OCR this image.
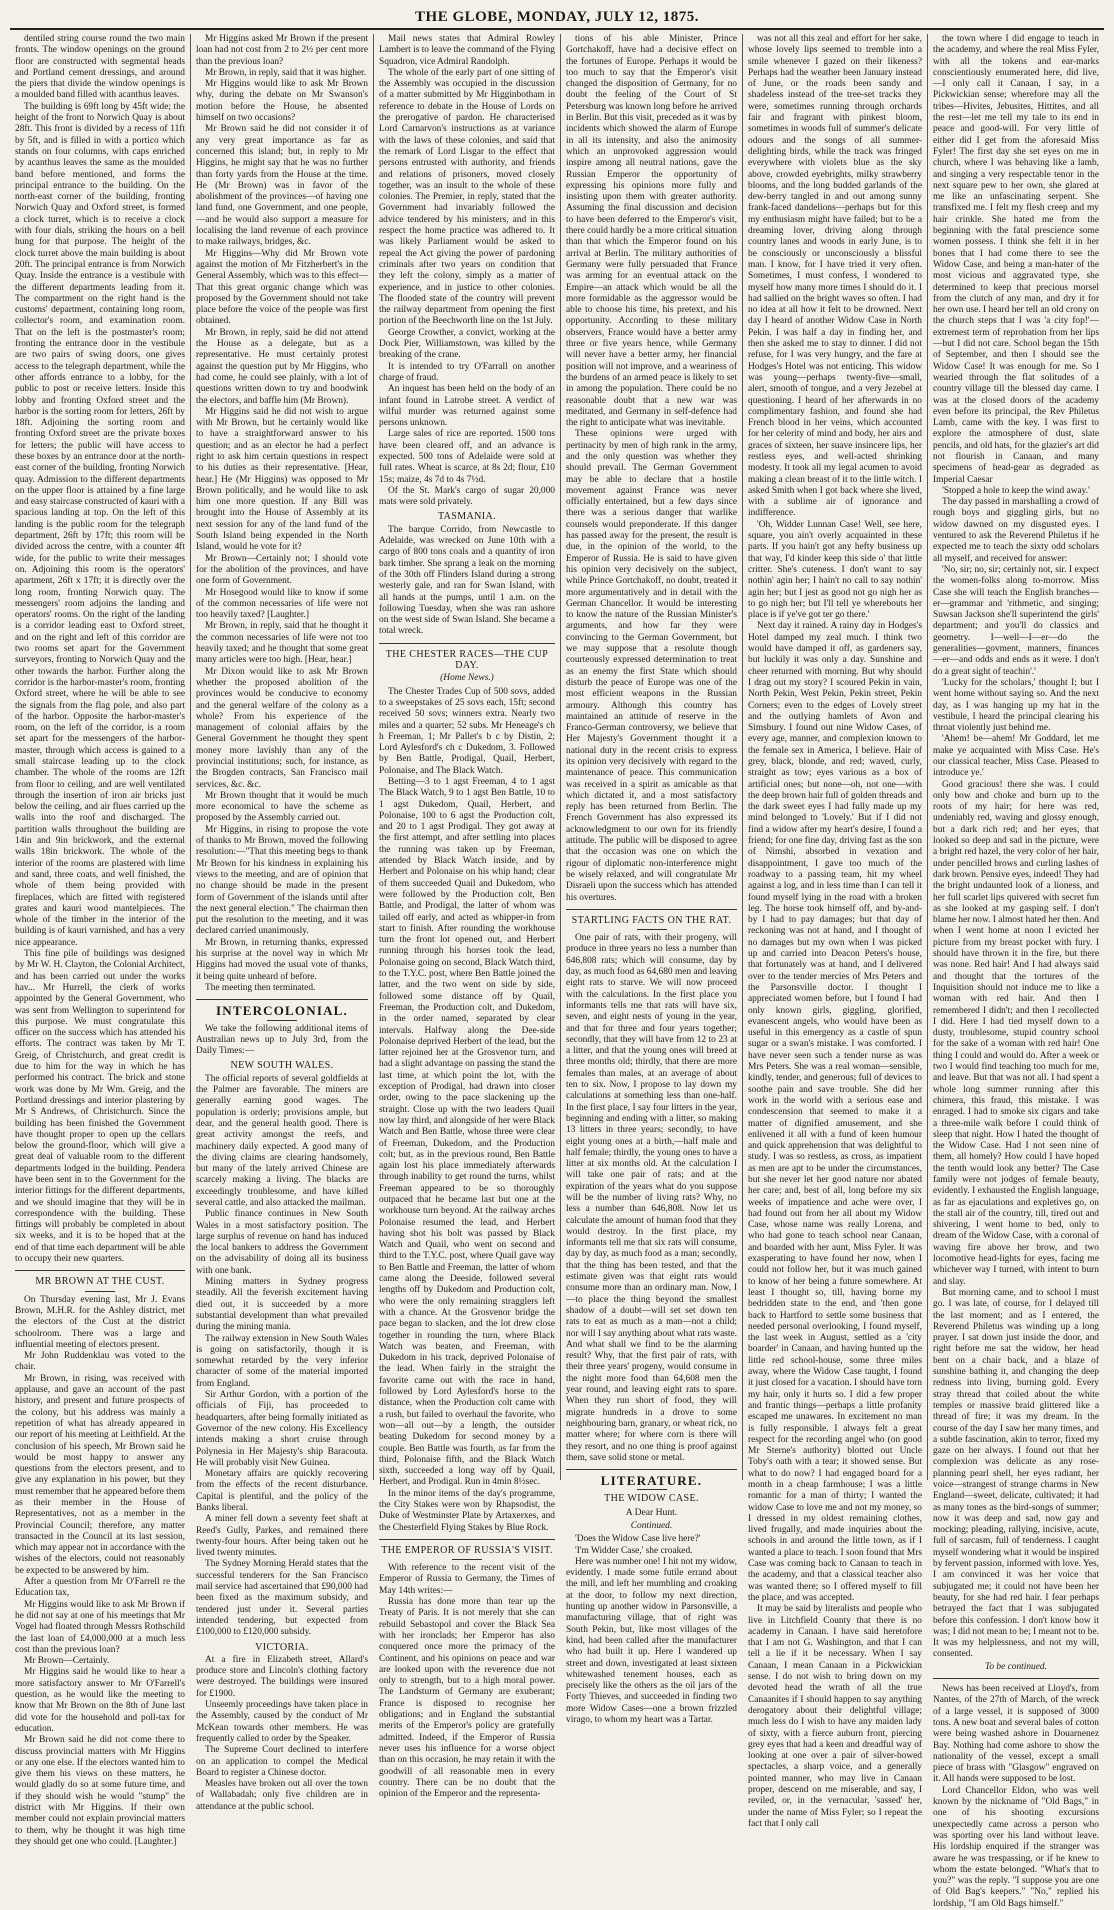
THE GLOBE, MONDAY, JULY 12, 1875.

dentiled string course round the two main fronts. The window openings on the ground floor are constructed with segmental heads and Portland cement dressings, and around the piers that divide the window openings is a moulded band filled with acanthus leaves.

The building is 69ft long by 45ft wide; the height of the front to Norwich Quay is about 28ft. This front is divided by a recess of 11ft by 5ft, and is filled in with a portico which stands on four columns, with caps enriched by acanthus leaves the same as the moulded band before mentioned, and forms the principal entrance to the building. On the north-east corner of the building, fronting Norwich Quay and Oxford street, is formed a clock turret, which is to receive a clock with four dials, striking the hours on a bell hung for that purpose. The height of the clock turret above the main building is about 20ft. The principal entrance is from Norwich Quay. Inside the entrance is a vestibule with the different departments leading from it. The compartment on the right hand is the customs' department, containing long room, collector's room, and examination room. That on the left is the postmaster's room; fronting the entrance door in the vestibule are two pairs of swing doors, one gives access to the telegraph department, while the other affords entrance to a lobby, for the public to post or receive letters. Inside this lobby and fronting Oxford street and the harbor is the sorting room for letters, 26ft by 18ft. Adjoining the sorting room and fronting Oxford street are the private boxes for letters; the public will have access to these boxes by an entrance door at the north-east corner of the building, fronting Norwich quay. Admission to the different departments on the upper floor is attained by a fine large and easy staircase constructed of kauri with a spacious landing at top. On the left of this landing is the public room for the telegraph department, 26ft by 17ft; this room will be divided across the centre, with a counter 4ft wide, for the public to write their messages on. Adjoining this room is the operators' apartment, 26ft x 17ft; it is directly over the long room, fronting Norwich quay. The messengers' room adjoins the landing and operators' rooms. On the right of the landing is a corridor leading east to Oxford street, and on the right and left of this corridor are two rooms set apart for the Government surveyors, fronting to Norwich Quay and the other towards the harbor. Further along the corridor is the harbor-master's room, fronting Oxford street, where he will be able to see the signals from the flag pole, and also part of the harbor. Opposite the harbor-master's room, on the left of the corridor, is a room set apart for the messengers of the harbor-master, through which access is gained to a small staircase leading up to the clock chamber. The whole of the rooms are 12ft from floor to ceiling, and are well ventilated through the insertion of iron air bricks just below the ceiling, and air flues carried up the walls into the roof and discharged. The partition walls throughout the building are 14in and 9in brickwork, and the external walls 18in brickwork. The whole of the interior of the rooms are plastered with lime and sand, three coats, and well finished, the whole of them being provided with fireplaces, which are fitted with registered grates and kauri wood mantelpieces. The whole of the timber in the interior of the building is of kauri varnished, and has a very nice appearance.

This fine pile of buildings was designed by Mr W. H. Clayton, the Colonial Architect, and has been carried out under the works hav... Mr Hurrell, the clerk of works appointed by the General Government, who was sent from Wellington to superintend for this purpose. We must congratulate this officer on the success which has attended his efforts. The contract was taken by Mr T. Greig, of Christchurch, and great credit is due to him for the way in which he has performed his contract. The brick and stone work was done by Mr Wm. Greig, and the Portland dressings and interior plastering by Mr S Andrews, of Christchurch. Since the building has been finished the Government have thought proper to open up the cellars below the ground-floor, which will give a great deal of valuable room to the different departments lodged in the building. Pendera have been sent in to the Government for the interior fittings for the different departments, and we should imagine that they will be in correspondence with the building. These fittings will probably be completed in about six weeks, and it is to be hoped that at the end of that time each department will be able to occupy their new quarters.

MR BROWN AT THE CUST.

On Thursday evening last, Mr J. Evans Brown, M.H.R. for the Ashley district, met the electors of the Cust at the district schoolroom. There was a large and influential meeting of electors present.

Mr John Ruddenklau was voted to the chair.

Mr Brown, in rising, was received with applause, and gave an account of the past history, and present and future prospects of the colony, but his address was mainly a repetition of what has already appeared in our report of his meeting at Leithfield. At the conclusion of his speech, Mr Brown said he would be most happy to answer any questions from the electors present, and to give any explanation in his power, but they must remember that he appeared before them as their member in the House of Representatives, not as a member in the Provincial Council; therefore, any matter transacted in the Council at its last session, which may appear not in accordance with the wishes of the electors, could not reasonably be expected to be answered by him.

After a question from Mr O'Farrell re the Education tax,

Mr Higgins would like to ask Mr Brown if he did not say at one of his meetings that Mr Vogel had floated through Messrs Rothschild the last loan of £4,000,000 at a much less cost than the previous loan?

Mr Brown—Certainly.

Mr Higgins said he would like to hear a more satisfactory answer to Mr O'Farrell's question, as he would like the meeting to know that Mr Brown on the 8th of June last did vote for the household and poll-tax for education.

Mr Brown said he did not come there to discuss provincial matters with Mr Higgins or any one else. If the electors wanted him to give them his views on these matters, he would gladly do so at some future time, and if they should wish he would "stump" the district with Mr Higgins. If their own member could not explain provincial matters to them, why he thought it was high time they should get one who could. [Laughter.]

Mr Higgins asked Mr Brown if the present loan had not cost from 2 to 2½ per cent more than the previous loan?

Mr Brown, in reply, said that it was higher.

Mr Higgins would like to ask Mr Brown why, during the debate on Mr Swanson's motion before the House, he absented himself on two occasions?

Mr Brown said he did not consider it of any very great importance as far as concerned this island; but, in reply to Mr Higgins, he might say that he was no further than forty yards from the House at the time. He (Mr Brown) was in favor of the abolishment of the provinces—of having one land fund, one Government, and one people, —and he would also support a measure for localising the land revenue of each province to make railways, bridges, &c.

Mr Higgins—Why did Mr Brown vote against the motion of Mr Fitzherbert's in the General Assembly, which was to this effect—That this great organic change which was proposed by the Government should not take place before the voice of the people was first obtained.

Mr Brown, in reply, said he did not attend the House as a delegate, but as a representative. He must certainly protest against the question put by Mr Higgins, who had come, he could see plainly, with a lot of questions written down to try and hoodwink the electors, and baffle him (Mr Brown).

Mr Higgins said he did not wish to argue with Mr Brown, but he certainly would like to have a straightforward answer to his question; and as an elector he had a perfect right to ask him certain questions in respect to his duties as their representative. [Hear, hear.] He (Mr Higgins) was opposed to Mr Brown politically, and he would like to ask him one more question. If any Bill was brought into the House of Assembly at its next session for any of the land fund of the South Island being expended in the North Island, would he vote for it?

Mr Brown—Certainly not; I should vote for the abolition of the provinces, and have one form of Government.

Mr Hosegood would like to know if some of the common necessaries of life were not too heavily taxed? [Laughter.]

Mr Brown, in reply, said that he thought it the common necessaries of life were not too heavily taxed; and he thought that some great many articles were too high. [Hear, hear.]

Mr Dixon would like to ask Mr Brown whether the proposed abolition of the provinces would be conducive to economy and the general welfare of the colony as a whole? From his experience of the management of colonial affairs by the General Government he thought they spent money more lavishly than any of the provincial institutions; such, for instance, as the Brogden contracts, San Francisco mail services, &c. &c.

Mr Brown thought that it would be much more economical to have the scheme as proposed by the Assembly carried out.

Mr Higgins, in rising to propose the vote of thanks to Mr Brown, moved the following resolution:—"That this meeting begs to thank Mr Brown for his kindness in explaining his views to the meeting, and are of opinion that no change should be made in the present form of Government of the islands until after the next general election." The chairman then put the resolution to the meeting, and it was declared carried unanimously.

Mr Brown, in returning thanks, expressed his surprise at the novel way in which Mr Higgins had moved the usual vote of thanks, it being quite unheard of before.

The meeting then terminated.

INTERCOLONIAL.

We take the following additional items of Australian news up to July 3rd, from the Daily Times:—

NEW SOUTH WALES.

The official reports of several goldfields at the Palmer are favorable. The miners are generally earning good wages. The population is orderly; provisions ample, but dear, and the general health good. There is great activity amongst the reefs, and machinery daily expected. A good many of the diving claims are clearing handsomely, but many of the lately arrived Chinese are scarcely making a living. The blacks are exceedingly troublesome, and have killed several cattle, and also attacked the mailman.

Public finance continues in New South Wales in a most satisfactory position. The large surplus of revenue on hand has induced the local bankers to address the Government on the advisability of doing all its business with one bank.

Mining matters in Sydney progress steadily. All the feverish excitement having died out, it is succeeded by a more substantial development than what prevailed during the mining mania.

The railway extension in New South Wales is going on satisfactorily, though it is somewhat retarded by the very inferior character of some of the material imported from England.

Sir Arthur Gordon, with a portion of the officials of Fiji, has proceeded to headquarters, after being formally initiated as Governor of the new colony. His Excellency intends making a short cruise through Polynesia in Her Majesty's ship Baracouta. He will probably visit New Guinea.

Monetary affairs are quickly recovering from the effects of the recent disturbance. Capital is plentiful, and the policy of the Banks liberal.

A miner fell down a seventy feet shaft at Reed's Gully, Parkes, and remained there twenty-four hours. After being taken out he lived twenty minutes.

The Sydney Morning Herald states that the successful tenderers for the San Francisco mail service had ascertained that £90,000 had been fixed as the maximum subsidy, and tendered just under it. Several parties intended tendering, but expected from £100,000 to £120,000 subsidy.

VICTORIA.

At a fire in Elizabeth street, Allard's produce store and Lincoln's clothing factory were destroyed. The buildings were insured for £1900.

Unseemly proceedings have taken place in the Assembly, caused by the conduct of Mr McKean towards other members. He was frequently called to order by the Speaker.

The Supreme Court declined to interfere on an application to compel the Medical Board to register a Chinese doctor.

Measles have broken out all over the town of Wallabadah; only five children are in attendance at the public school.

Mail news states that Admiral Rowley Lambert is to leave the command of the Flying Squadron, vice Admiral Randolph.

The whole of the early part of one sitting of the Assembly was occupied in the discussion of a matter submitted by Mr Higginbotham in reference to debate in the House of Lords on the prerogative of pardon. He characterised Lord Carnarvon's instructions as at variance with the laws of these colonies, and said that the remark of Lord Lisgar to the effect that persons entrusted with authority, and friends and relations of prisoners, moved closely together, was an insult to the whole of these colonies. The Premier, in reply, stated that the Government had invariably followed the advice tendered by his ministers, and in this respect the home practice was adhered to. It was likely Parliament would be asked to repeal the Act giving the power of pardoning criminals after two years on condition that they left the colony, simply as a matter of experience, and in justice to other colonies. The flooded state of the country will prevent the railway department from opening the first portion of the Beechworth line on the 1st July.

George Crowther, a convict, working at the Dock Pier, Williamstown, was killed by the breaking of the crane.

It is intended to try O'Farrall on another charge of fraud.

An inquest has been held on the body of an infant found in Latrobe street. A verdict of wilful murder was returned against some persons unknown.

Large sales of rice are reported. 1500 tons have been cleared off, and an advance is expected. 500 tons of Adelaide were sold at full rates. Wheat is scarce, at 8s 2d; flour, £10 15s; maize, 4s 7d to 4s 7½d.

Of the St. Mark's cargo of sugar 20,000 mats were sold privately.

TASMANIA.

The barque Corrido, from Newcastle to Adelaide, was wrecked on June 10th with a cargo of 800 tons coals and a quantity of iron bark timber. She sprang a leak on the morning of the 30th off Flinders Island during a strong westerly gale, and ran for Swan Island, with all hands at the pumps, until 1 a.m. on the following Tuesday, when she was ran ashore on the west side of Swan Island. She became a total wreck.

THE CHESTER RACES—THE CUP DAY.
(Home News.)

The Chester Trades Cup of 500 sovs, added to a sweepstakes of 25 sovs each, 15ft; second received 50 sovs; winners extra. Nearly two miles and a quarter; 52 subs. Mr Heneage's ch h Freeman, 1; Mr Pallet's b c by Distin, 2; Lord Aylesford's ch c Dukedom, 3. Followed by Ben Battle, Prodigal, Quail, Herbert, Polonaise, and The Black Watch.

Betting—3 to 1 agst Freeman, 4 to 1 agst The Black Watch, 9 to 1 agst Ben Battle, 10 to 1 agst Dukedom, Quail, Herbert, and Polonaise, 100 to 6 agst the Production colt, and 20 to 1 agst Prodigal. They got away at the first attempt, and after settling into places the running was taken up by Freeman, attended by Black Watch inside, and by Herbert and Polonaise on his whip hand; clear of them succeeded Quail and Dukedom, who were followed by the Production colt, Ben Battle, and Prodigal, the latter of whom was tailed off early, and acted as whipper-in from start to finish. After rounding the workhouse turn the front lot opened out, and Herbert running through his horses took the lead, Polonaise going on second, Black Watch third, to the T.Y.C. post, where Ben Battle joined the latter, and the two went on side by side, followed some distance off by Quail, Freeman, the Production colt, and Dukedom, in the order named, separated by clear intervals. Halfway along the Dee-side Polonaise deprived Herbert of the lead, but the latter rejoined her at the Grosvenor turn, and had a slight advantage on passing the stand the last time, at which point the lot, with the exception of Prodigal, had drawn into closer order, owing to the pace slackening up the straight. Close up with the two leaders Quail now lay third, and alongside of her were Black Watch and Ben Battle, whose three were clear of Freeman, Dukedom, and the Production colt; but, as in the previous round, Ben Battle again lost his place immediately afterwards through inability to get round the turns, whilst Freeman appeared to be so thoroughly outpaced that he became last but one at the workhouse turn beyond. At the railway arches Polonaise resumed the lead, and Herbert having shot his bolt was passed by Black Watch and Quail, who went on second and third to the T.Y.C. post, where Quail gave way to Ben Battle and Freeman, the latter of whom came along the Deeside, followed several lengths off by Dukedom and Production colt, who were the only remaining stragglers left with a chance. At the Grosvenor bridge the pace began to slacken, and the lot drew close together in rounding the turn, where Black Watch was beaten, and Freeman, with Dukedom in his track, deprived Polonaise of the lead. When fairly in the straight the favorite came out with the race in hand, followed by Lord Aylesford's horse to the distance, when the Production colt came with a rush, but failed to overhaul the favorite, who won—all out—by a length, the outsider beating Dukedom for second money by a couple. Ben Battle was fourth, as far from the third, Polonaise fifth, and the Black Watch sixth, succeeded a long way off by Quail, Herbert, and Prodigal. Run in 4min 8½sec.

In the minor items of the day's programme, the City Stakes were won by Rhapsodist, the Duke of Westminster Plate by Artaxerxes, and the Chesterfield Flying Stakes by Blue Rock.

THE EMPEROR OF RUSSIA'S VISIT.

With reference to the recent visit of the Emperor of Russia to Germany, the Times of May 14th writes:—

Russia has done more than tear up the Treaty of Paris. It is not merely that she can rebuild Sebastopol and cover the Black Sea with her ironclads; her Emperor has also conquered once more the primacy of the Continent, and his opinions on peace and war are looked upon with the reverence due not only to strength, but to a high moral power. The Landsturm of Germany are exuberant; France is disposed to recognise her obligations; and in England the substantial merits of the Emperor's policy are gratefully admitted. Indeed, if the Emperor of Russia never uses his influence for a worse object than on this occasion, he may retain it with the goodwill of all reasonable men in every country. There can be no doubt that the opinion of the Emperor and the representa-

tions of his able Minister, Prince Gortchakoff, have had a decisive effect on the fortunes of Europe. Perhaps it would be too much to say that the Emperor's visit changed the disposition of Germany, for no doubt the feeling of the Court of St Petersburg was known long before he arrived in Berlin. But this visit, preceded as it was by incidents which showed the alarm of Europe in all its intensity, and also the animosity which an unprovoked aggression would inspire among all neutral nations, gave the Russian Emperor the opportunity of expressing his opinions more fully and insisting upon them with greater authority. Assuming the final discussion and decision to have been deferred to the Emperor's visit, there could hardly be a more critical situation than that which the Emperor found on his arrival at Berlin. The military authorities of Germany were fully persuaded that France was arming for an eventual attack on the Empire—an attack which would be all the more formidable as the aggressor would be able to choose his time, his pretext, and his opportunity. According to these military observers, France would have a better army three or five years hence, while Germany will never have a better army, her financial position will not improve, and a weariness of the burdens of an armed peace is likely to set in among the population. There could be no reasonable doubt that a new war was meditated, and Germany in self-defence had the right to anticipate what was inevitable.

These opinions were urged with pertinacity by men of high rank in the army, and the only question was whether they should prevail. The German Government may be able to declare that a hostile movement against France was never officially entertained, but a few days since there was a serious danger that warlike counsels would preponderate. If this danger has passed away for the present, the result is due, in the opinion of the world, to the Emperor of Russia. He is said to have given his opinion very decisively on the subject, while Prince Gortchakoff, no doubt, treated it more argumentatively and in detail with the German Chancellor. It would be interesting to know the nature of the Russian Minister's arguments, and how far they were convincing to the German Government, but we may suppose that a resolute though courteously expressed determination to treat as an enemy the first State which should disturb the peace of Europe was one of the most efficient weapons in the Russian armoury. Although this country has maintained an attitude of reserve in the Franco-German controversy, we believe that Her Majesty's Government thought it a national duty in the recent crisis to express its opinion very decisively with regard to the maintenance of peace. This communication was received in a spirit as amicable as that which dictated it, and a most satisfactory reply has been returned from Berlin. The French Government has also expressed its acknowledgment to our own for its friendly attitude. The public will be disposed to agree that the occasion was one on which the rigour of diplomatic non-interference might be wisely relaxed, and will congratulate Mr Disraeli upon the success which has attended his overtures.

STARTLING FACTS ON THE RAT.

One pair of rats, with their progeny, will produce in three years no less a number than 646,808 rats; which will consume, day by day, as much food as 64,680 men and leaving eight rats to starve. We will now proceed with the calculations. In the first place you informants tells me that rats will have six, seven, and eight nests of young in the year, and that for three and four years together; secondly, that they will have from 12 to 23 at a litter, and that the young ones will breed at three months old; thirdly, that there are more females than males, at an average of about ten to six. Now, I propose to lay down my calculations at something less than one-half. In the first place, I say four litters in the year, beginning and ending with a litter, so making 13 litters in three years; secondly, to have eight young ones at a birth,—half male and half female; thirdly, the young ones to have a litter at six months old. At the calculation I will take one pair of rats; and at the expiration of the years what do you suppose will be the number of living rats? Why, no less a number than 646,808. Now let us calculate the amount of human food that they would destroy. In the first place, my informants tell me that six rats will consume, day by day, as much food as a man; secondly, that the thing has been tested, and that the estimate given was that eight rats would consume more than an ordinary man. Now, I—to place the thing beyond the smallest shadow of a doubt—will set set down ten rats to eat as much as a man—not a child; nor will I say anything about what rats waste. And what shall we find to be the alarming result? Why, that the first pair of rats, with their three years' progeny, would consume in the night more food than 64,608 men the year round, and leaving eight rats to spare. When they run short of food, they will migrate hundreds in a drove to some neighbouring barn, granary, or wheat rick, no matter where; for where corn is there will they resort, and no one thing is proof against them, save solid stone or metal.

LITERATURE.
THE WIDOW CASE.
A Dear Hunt.
Continued.

'Does the Widow Case live here?'

'I'm Widder Case,' she croaked.

Here was number one! I hit not my widow, evidently. I made some futile errand about the mill, and left her mumbling and croaking at the door, to follow my next direction, hunting up another widow in Parsonsville, a manufacturing village, that of right was South Pekin, but, like most villages of the kind, had been called after the manufacturer who had built it up. Here I wandered up street and down, investigated at least sixteen whitewashed tenement houses, each as precisely like the others as the oil jars of the Forty Thieves, and succeeded in finding two more Widow Cases—one a brown frizzled virago, to whom my heart was a Tartar.

was not all this zeal and effort for her sake, whose lovely lips seemed to tremble into a smile whenever I gazed on their likeness? Perhaps had the weather been January instead of June, or the roads been sandy and shadeless instead of the tree-set tracks they were, sometimes running through orchards fair and fragrant with pinkest bloom, sometimes in woods full of summer's delicate odours and the songs of all summer-delighting birds, while the track was fringed everywhere with violets blue as the sky above, crowded eyebrights, milky strawberry blooms, and the long budded garlands of the dew-berry tangled in and out among sunny frank-faced dandelions—perhaps but for this my enthusiasm might have failed; but to be a dreaming lover, driving along through country lanes and woods in early June, is to be consciously or unconsciously a blissful man. I know, for I have tried it very often. Sometimes, I must confess, I wondered to myself how many more times I should do it. I had sallied on the bright waves so often. I had no idea at all how it felt to be drowned. Next day I heard of another Widow Case in North Pekin. I was half a day in finding her, and then she asked me to stay to dinner. I did not refuse, for I was very hungry, and the fare at Hodges's Hotel was not enticing. This widow was young—perhaps twenty-five—small, alert, smooth of tongue, and a very Jezebel at questioning. I heard of her afterwards in no complimentary fashion, and found she had French blood in her veins, which accounted for her celerity of mind and body, her airs and graces of sixteen, her suave insincere lips, her restless eyes, and well-acted shrinking modesty. It took all my legal acumen to avoid making a clean breast of it to the little witch. I asked Smith when I got back where she lived, with a sublime air of ignorance and indifference.

'Oh, Widder Lunnan Case! Well, see here, square, you ain't overly acquainted in these parts. If you hain't got any hefty business up that way, I'd kinder keep this side o' that little critter. She's cuteness. I don't want to say nothin' agin her; I hain't no call to say nothin' agin her; but I jest as good not go nigh her as to go nigh her; but I'll tell ye wherebouts her place is if ye've got ter go there.'

Next day it rained. A rainy day in Hodges's Hotel damped my zeal much. I think two would have damped it off, as gardeners say, but luckily it was only a day. Sunshine and cheer returned with morning. But why should I drag out my story? I scoured Pekin in vain, North Pekin, West Pekin, Pekin street, Pekin Corners; even to the edges of Lovely street and the outlying hamlets of Avon and Simsbury. I found out nine Widow Cases, of every age, manner, and complexion known to the female sex in America, I believe. Hair of grey, black, blonde, and red; waved, curly, straight as tow; eyes various as a box of artificial ones; but none—oh, not one—with the deep brown hair full of golden threads and the dark sweet eyes I had fully made up my mind belonged to 'Lovely.' But if I did not find a widow after my heart's desire, I found a friend; for one fine day, driving fast as the son of Nimshi, absorbed in vexation and disappointment, I gave too much of the roadway to a passing team, hit my wheel against a log, and in less time than I can tell it found myself lying in the road with a broken leg. The horse took himself off, and by-and-by I had to pay damages; but that day of reckoning was not at hand, and I thought of no damages but my own when I was picked up and carried into Deacon Peters's house, that fortunately was at hand, and I delivered over to the tender mercies of Mrs Peters and the Parsonsville doctor. I thought I appreciated women before, but I found I had only known girls, giggling, glorified, evanescent angels, who would have been as useful in this emergency as a castle of spun sugar or a swan's mistake. I was comforted. I have never seen such a tender nurse as was Mrs Peters. She was a real woman—sensible, kindly, tender, and generous; full of devices to soothe pain and save trouble. She did her work in the world with a serious ease and condescension that seemed to make it a matter of dignified amusement, and she enlivened it all with a fund of keen humour and quick apprehension that was delightful to study. I was so restless, as cross, as impatient as men are apt to be under the circumstances, but she never let her good nature nor abated her care; and, best of all, long before my six weeks of impatience and ache were over, I had found out from her all about my Widow Case, whose name was really Lorena, and who had gone to teach school near Canaan, and boarded with her aunt, Miss Fyler. It was exasperating to have found her now, when I could not follow her, but it was much gained to know of her being a future somewhere. At least I thought so, till, having borne my bedridden state to the end, and 'then gone back to Hartford to settle some business that needed personal overlooking, I found myself, the last week in August, settled as a 'city boarder' in Canaan, and having hunted up the little red school-house, some three miles away, where the Widow Case taught, I found it just closed for a vacation. I should have torn my hair, only it hurts so. I did a few proper and frantic things—perhaps a little profanity escaped me unawares. In excitement no man is fully responsible. I always felt a great respect for the recording angel who (on good Mr Sterne's authority) blotted out Uncle Toby's oath with a tear; it showed sense. But what to do now? I had engaged board for a month in a cheap farmhouse; I was a little romantic for a man of thirty; I wanted the widow Case to love me and not my money, so I dressed in my oldest remaining clothes, lived frugally, and made inquiries about the schools in and around the little town, as if I wanted a place to teach. I soon found that Mrs Case was coming back to Canaan to teach in the academy, and that a classical teacher also was wanted there; so I offered myself to fill the place, and was accepted.

It may be said by literalists and people who live in Litchfield County that there is no academy in Canaan. I have said heretofore that I am not G. Washington, and that I can tell a lie if it be necessary. When I say Canaan, I mean Canaan in a Pickwickian sense. I do not wish to bring down on my devoted head the wrath of all the true Canaanites if I should happen to say anything derogatory about their delightful village; much less do I wish to have any maiden lady of sixty, with a fierce auburn front, piercing grey eyes that had a keen and dreadful way of looking at one over a pair of silver-bowed spectacles, a sharp voice, and a generally pointed manner, who may live in Canaan proper, descend on me miserable, and say, I reviled, or, in the vernacular, 'sassed' her, under the name of Miss Fyler; so I repeat the fact that I only call

the town where I did engage to teach in the academy, and where the real Miss Fyler, with all the tokens and ear-marks conscientiously enumerated here, did live,—I only call it Canaan, I say, in a Pickwickian sense; wherefore may all the tribes—Hivites, Jebusites, Hittites, and all the rest—let me tell my tale to its end in peace and good-will. For very little of either did I get from the aforesaid Miss Fyler! The first day she set eyes on me in church, where I was behaving like a lamb, and singing a very respectable tenor in the next square pew to her own, she glared at me like an unfascinating serpent. She transfixed me. I felt my flesh creep and my hair crinkle. She hated me from the beginning with the fatal prescience some women possess. I think she felt it in her bones that I had come there to see the Widow Case, and being a man-hater of the most vicious and aggravated type, she determined to keep that precious morsel from the clutch of any man, and dry it for her own use. I heard her tell an old crony on the church steps that I was 'a city fop!'—extremest term of reprobation from her lips—but I did not care. School began the 15th of September, and then I should see the Widow Case! It was enough for me. So I wearied through the flat solitudes of a country village till the blessed day came. I was at the closed doors of the academy even before its principal, the Rev Philetus Lamb, came with the key. I was first to explore the atmosphere of dust, slate pencils, and old hats, for the glazier's art did not flourish in Canaan, and many specimens of head-gear as degraded as Imperial Caesar

'Stopped a hole to keep the wind away.'

The day passed in marshalling a crowd of rough boys and giggling girls, but no widow dawned on my disgusted eyes. I ventured to ask the Reverend Philetus if he expected me to teach the sixty odd scholars all myself, and received for answer:

'No, sir; no, sir; certainly not, sir. I expect the women-folks along to-morrow. Miss Case she will teach the English branches—er—grammar and 'rithmetic, and singing; Suwsan Jackson she'll superintend the girls' department; and you'll do classics and geometry. I—well—I—er—do the generalities—govment, manners, finances—er—and odds and ends as it were. I don't do a great sight of teachin'.'

'Lucky for the scholars,' thought I; but I went home without saying so. And the next day, as I was hanging up my hat in the vestibule, I heard the principal clearing his throat violently just behind me.

'Ahem! be—ahem! Mr Goddard, let me make ye acquainted with Miss Case. He's our classical teacher, Miss Case. Pleased to introduce ye.'

Good gracious! there she was. I could only bow and choke and burn up to the roots of my hair; for here was red, undeniably red, waving and glossy enough, but a dark rich red; and her eyes, that looked so deep and sad in the picture, were a bright red hazel, the very color of her hair, under pencilled brows and curling lashes of dark brown. Pensive eyes, indeed! They had the bright undaunted look of a lioness, and her full scarlet lips quivered with secret fun as she looked at my gasping self. I don't blame her now. I almost hated her then. And when I went home at noon I evicted her picture from my breast pocket with fury. I should have thrown it in the fire, but there was none. Red hair! And I had always said and thought that the tortures of the Inquisition should not induce me to like a woman with red hair. And then I remembered I didn't; and then I recollected I did. Here I had tied myself down to a dusty, troublesome, stupid country school for the sake of a woman with red hair! One thing I could and would do. After a week or two I would find teaching too much for me, and leave. But that was not all. I had spent a whole long summer running after this chimera, this fraud, this mistake. I was enraged. I had to smoke six cigars and take a three-mile walk before I could think of sleep that night. How I hated the thought of the Widow Case. Had I not seen nine of them, all homely? How could I have hoped the tenth would look any better? The Case family were not jodges of female beauty, evidently. I exhausted the English language, as far as ejaculations and expletives go, on the stall air of the country, till, tired out and shivering, I went home to bed, only to dream of the Widow Case, with a coronal of waving fire above her brow, and two locomotive head-lights for eyes, facing me whichever way I turned, with intent to burn and slay.

But morning came, and to school I must go. I was late, of course, for I delayed till the last moment; and as I entered, the Reverend Philetus was winding up a long prayer. I sat down just inside the door, and right before me sat the widow, her head bent on a chair back, and a blaze of sunshine bathing it, and changing the deep redness into living, burning gold. Every stray thread that coiled about the white temples or massive braid glittered like a thread of fire; it was my dream. In the course of the day I saw her many times, and a subtle fascination, akin to terror, fixed my gaze on her always. I found out that her complexion was delicate as any rose-planning pearl shell, her eyes radiant, her voice—strangest of strange charms in New England—sweet, delicate, cultivated; it had as many tones as the bird-songs of summer; now it was deep and sad, now gay and mocking; pleading, rallying, incisive, acute, full of sarcasm, full of tenderness. I caught myself wondering what it would be inspired by fervent passion, informed with love. Yes, I am convinced it was her voice that subjugated me; it could not have been her beauty, for she had red hair. I fear perhaps betrayed the fact that I was subjugated before this confession. I don't know how it was; I did not mean to be; I meant not to be. It was my helplessness, and not my will, consented.

To be continued.

News has been received at Lloyd's, from Nantes, of the 27th of March, of the wreck of a large vessel, it is supposed of 3000 tons. A new boat and several bales of cotton were being washed ashore in Douarnenez Bay. Nothing had come ashore to show the nationality of the vessel, except a small piece of brass with "Glasgow" engraved on it. All hands were supposed to be lost.

Lord Chancellor Eldon, who was well known by the nickname of "Old Bags," in one of his shooting excursions unexpectedly came across a person who was sporting over his land without leave. His lordship enquired if the stranger was aware he was trespassing, or if he knew to whom the estate belonged. "What's that to you?" was the reply. "I suppose you are one of Old Bag's keepers." "No," replied his lordship, "I am Old Bags himself."
